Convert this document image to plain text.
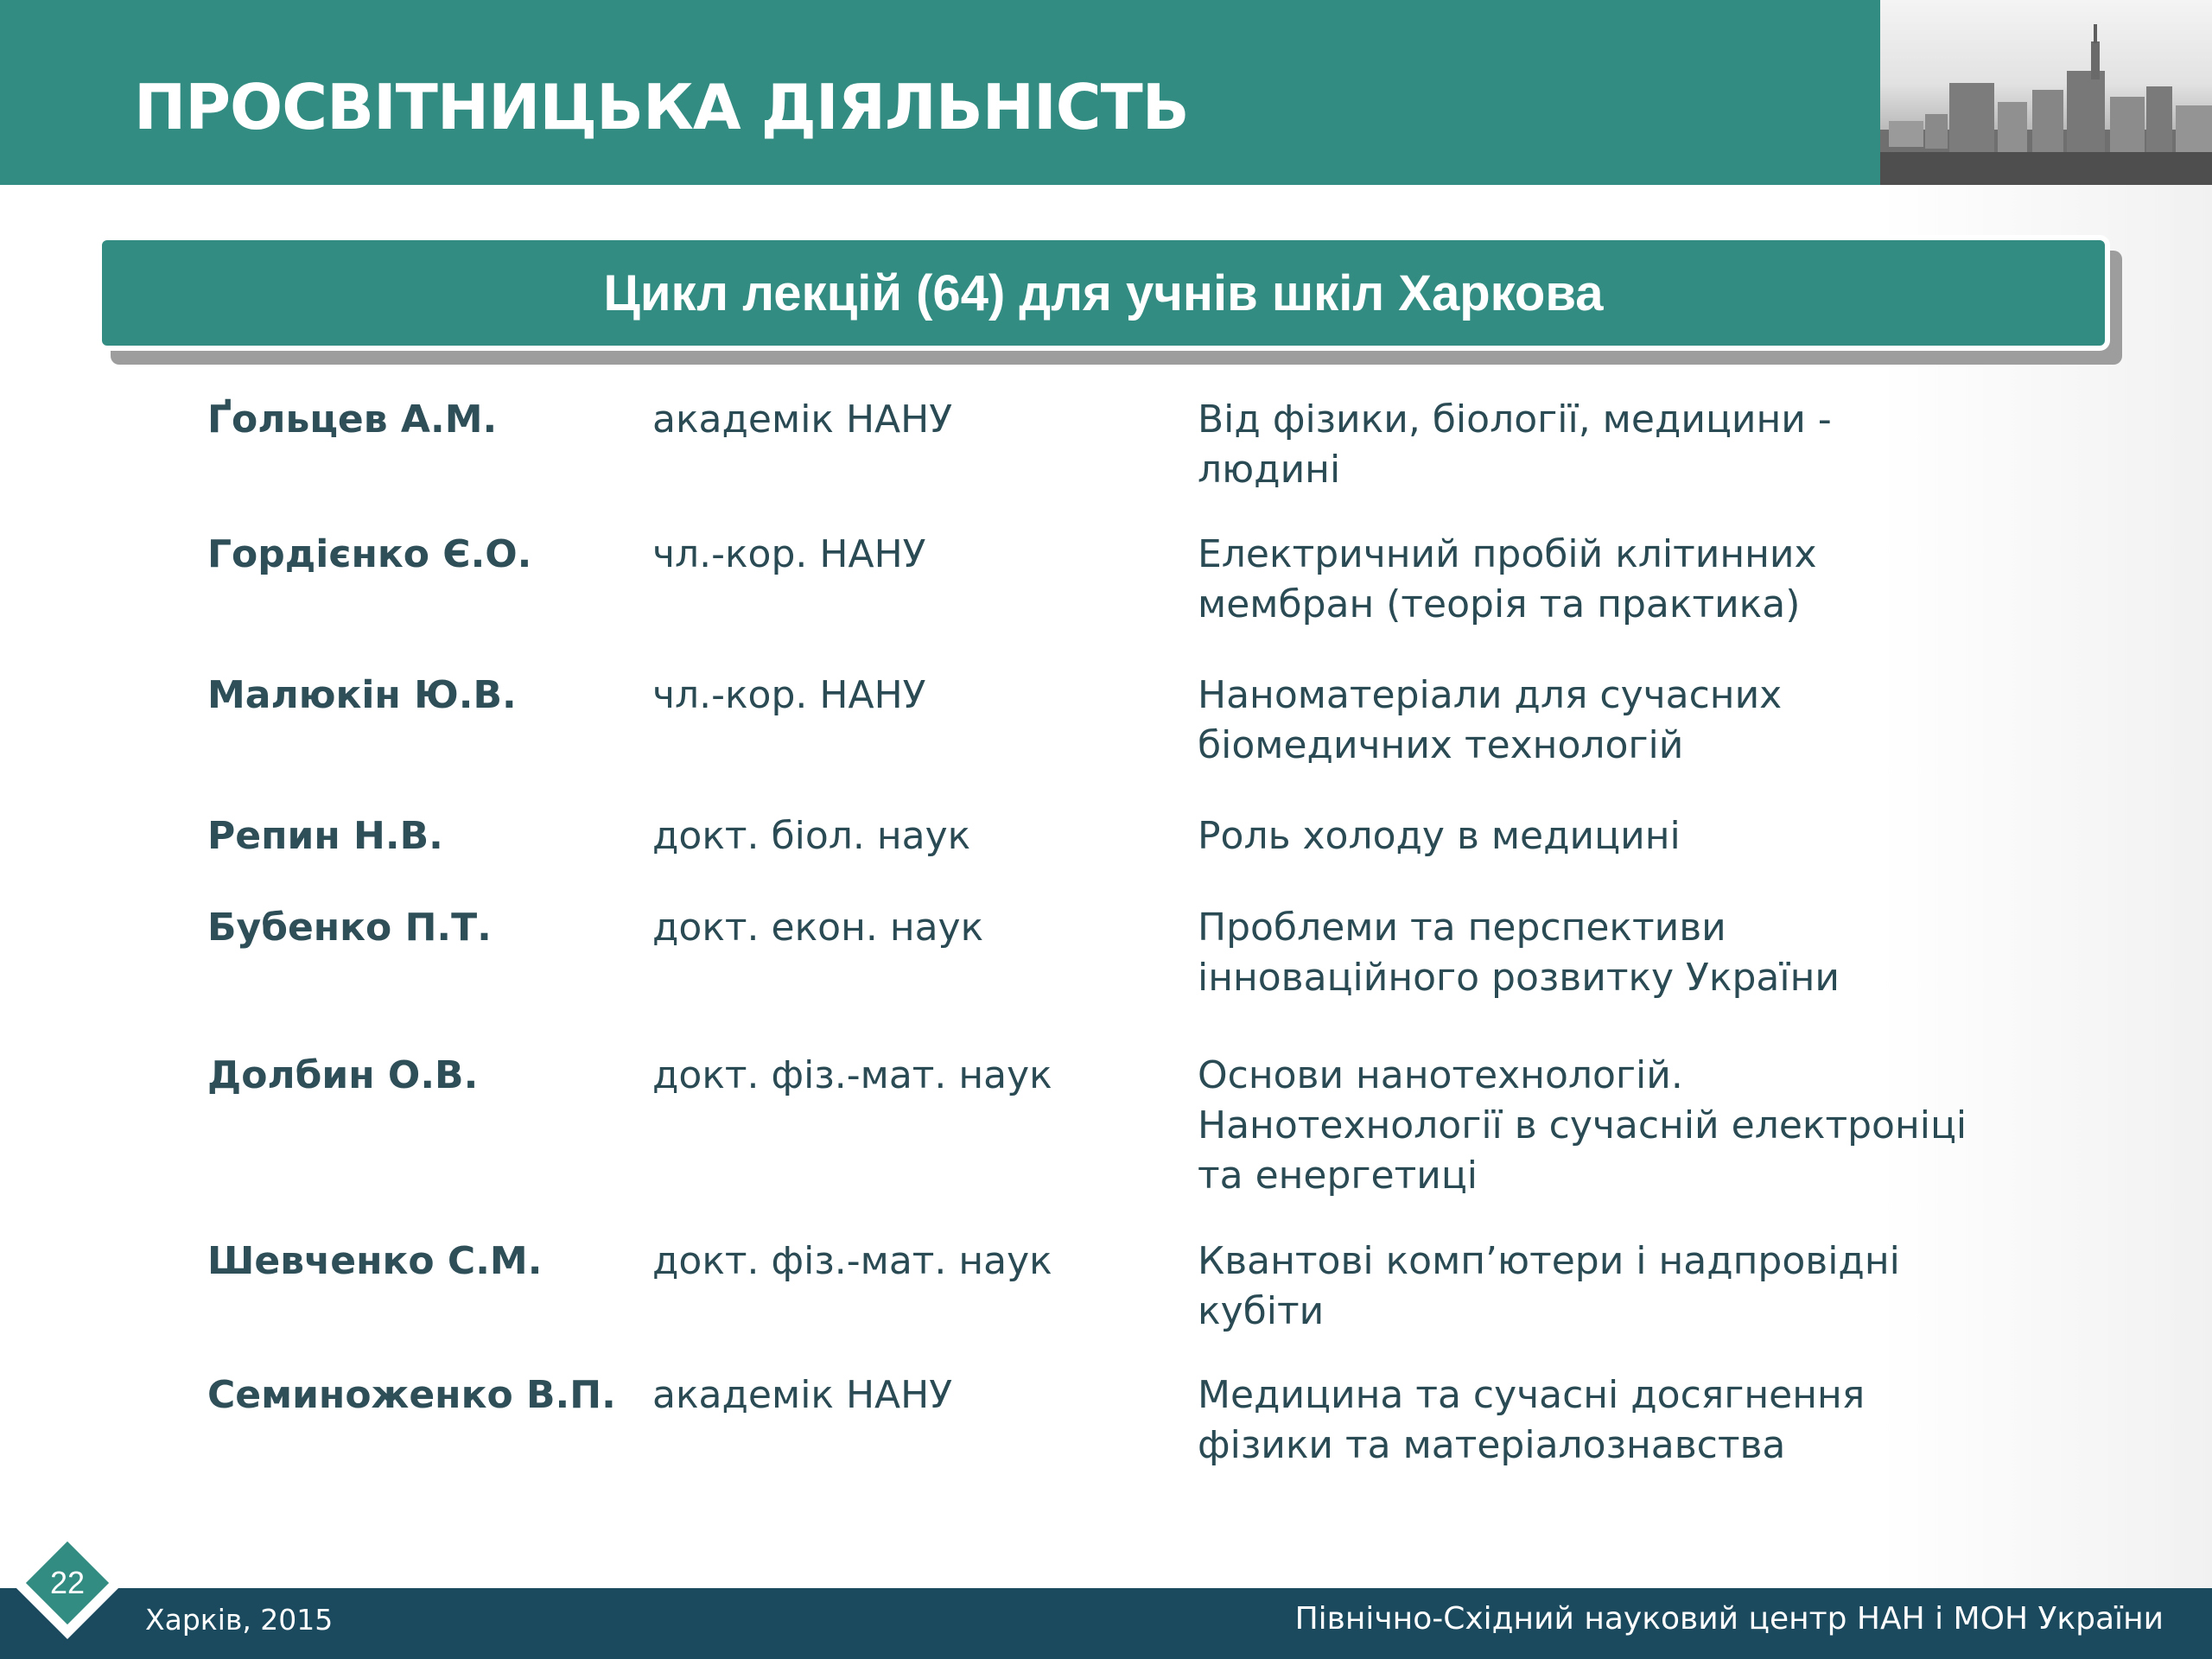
ПРОСВІТНИЦЬКА ДІЯЛЬНІСТЬ
Цикл лекцій (64) для учнів шкіл Харкова

Ґольцев А.М.	академік НАНУ	Від фізики, біології, медицини -
людині

Гордієнко Є.О.	чл.-кор. НАНУ	Електричний пробій клітинних
мембран (теорія та практика)

Малюкін Ю.В.	чл.-кор. НАНУ	Наноматеріали для сучасних
біомедичних технологій

Репин Н.В.	докт. біол. наук	Роль холоду в медицині

Бубенко П.Т.	докт. екон. наук	Проблеми та перспективи
інноваційного розвитку України

Долбин О.В.	докт. фіз.-мат. наук	Основи нанотехнологій.
Нанотехнології в сучасній електроніці
та енергетиці

Шевченко С.М.	докт. фіз.-мат. наук	Квантові комп’ютери і надпровідні
кубіти

Семиноженко В.П. академік НАНУ	Медицина та сучасні досягнення
фізики та матеріалознавства
Харків, 2015	Північно-Східний науковий центр НАН і МОН України
22
